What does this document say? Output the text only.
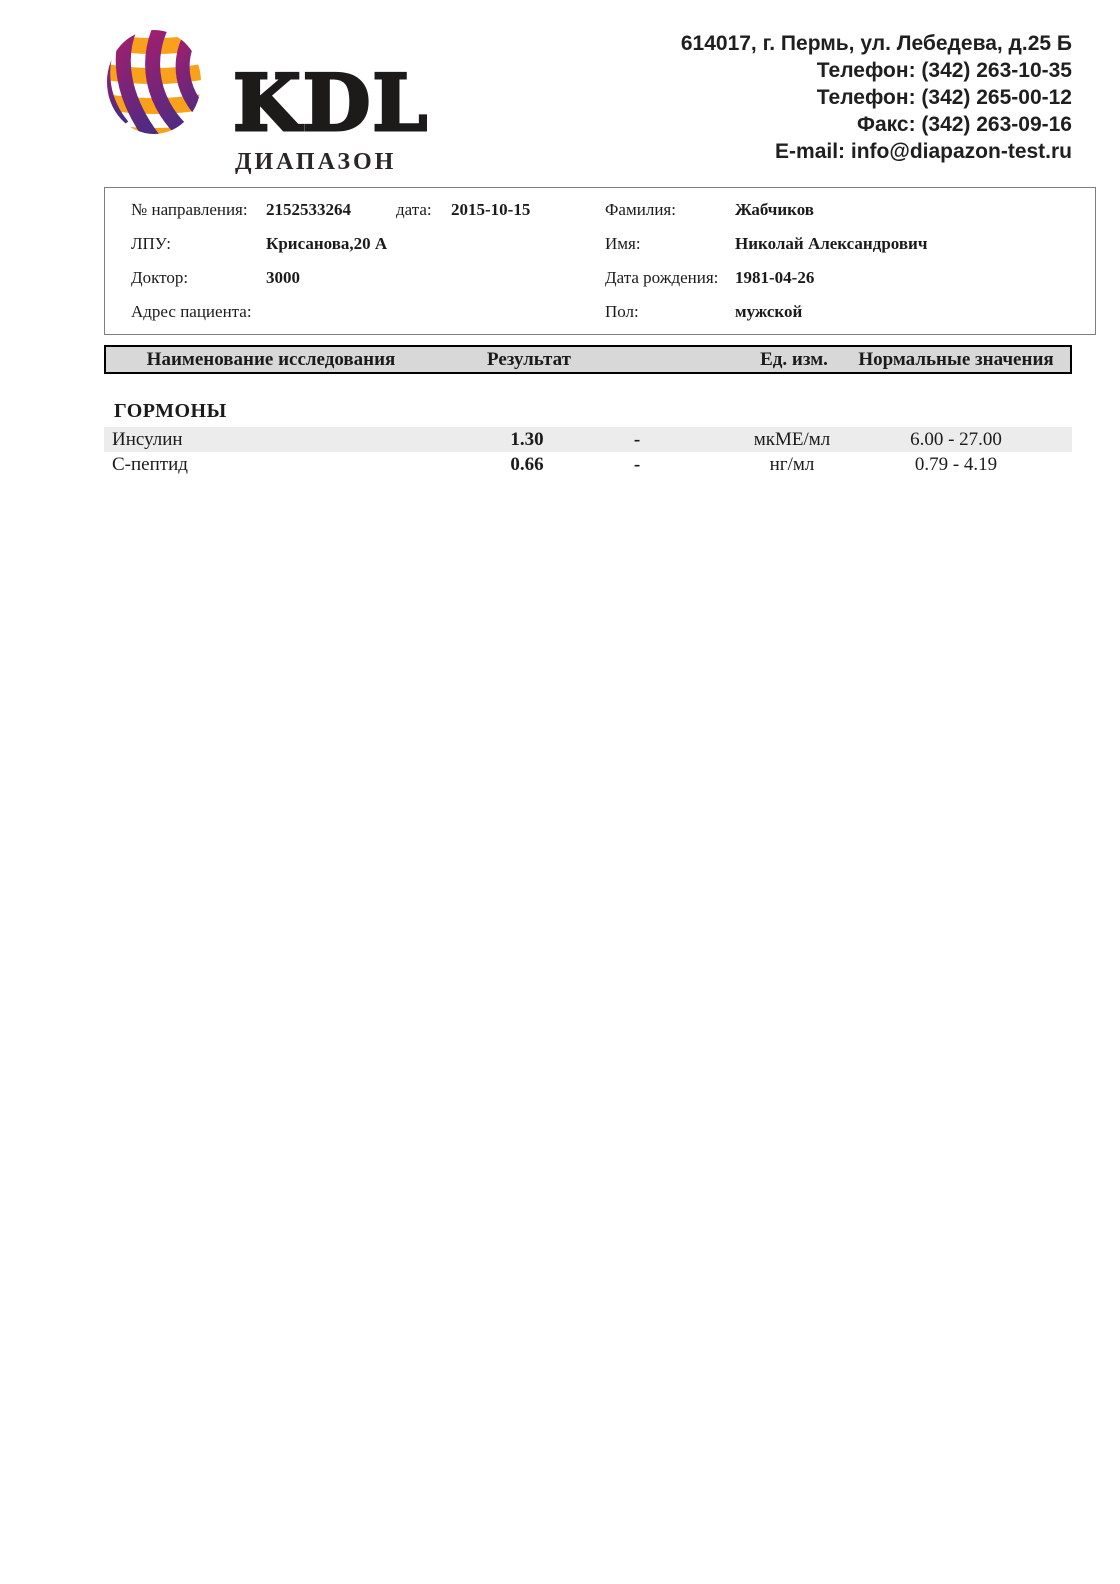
KDL
ДИАПАЗОН
614017, г. Пермь, ул. Лебедева, д.25 Б
Телефон: (342) 263-10-35
Телефон: (342) 265-00-12
Факс: (342) 263-09-16
E-mail: info@diapazon-test.ru
№ направления:	2152533264	дата:	2015-10-15
ЛПУ:	Крисанова,20 А
Доктор:	3000
Адрес пациента:
Фамилия:	Жабчиков
Имя:	Николай Александрович
Дата рождения: 1981-04-26
Пол:	мужской
Наименование исследования	Результат	Ед. изм.	Нормальные значения
ГОРМОНЫ
Инсулин	1.30	-	мкМЕ/мл	6.00 - 27.00
С-пептид	0.66	-	нг/мл	0.79 - 4.19
